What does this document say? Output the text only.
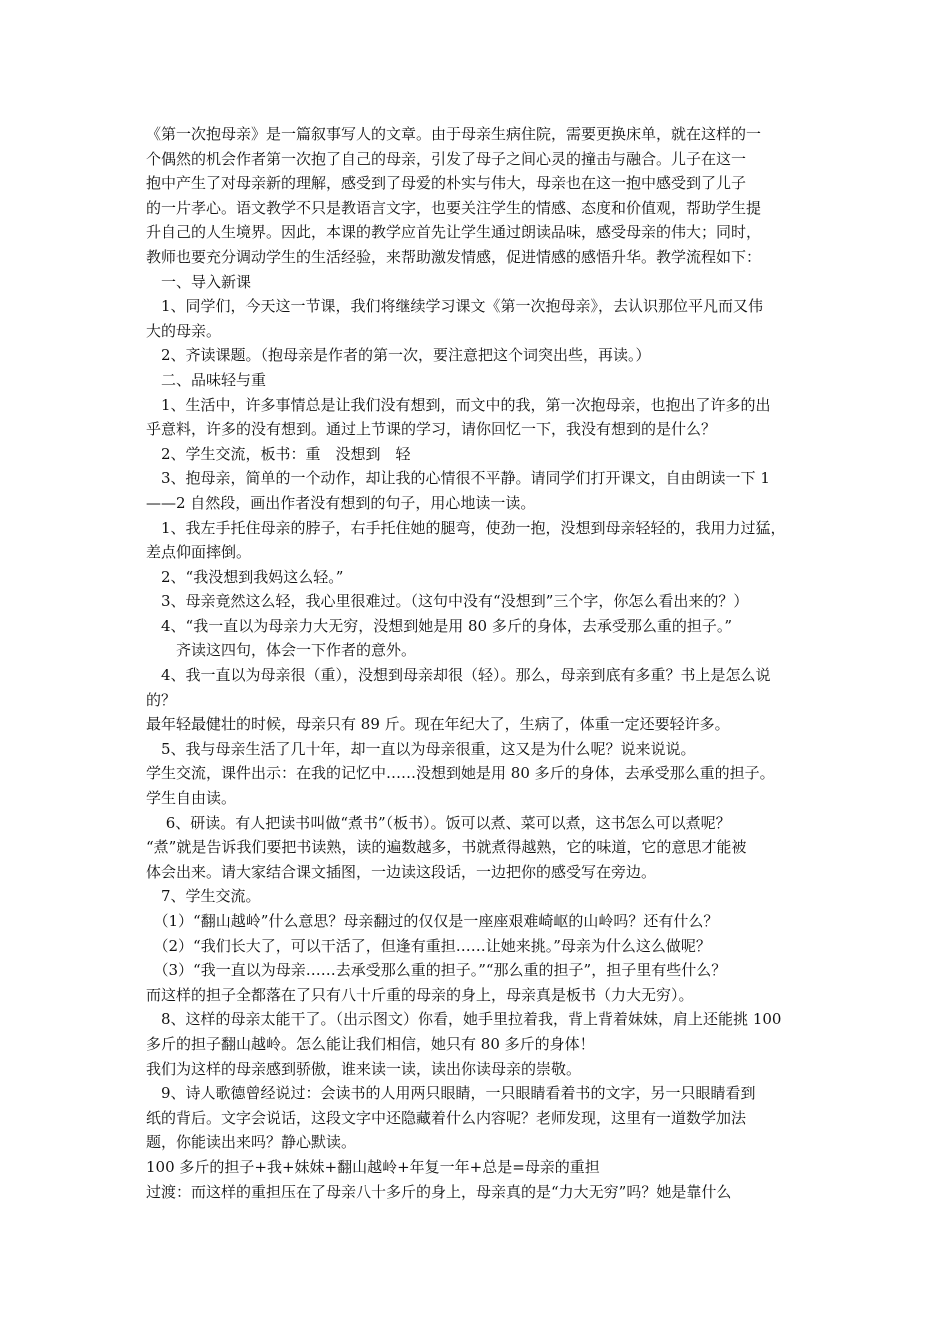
《第一次抱母亲》是一篇叙事写人的文章。由于母亲生病住院，需要更换床单，就在这样的一
个偶然的机会作者第一次抱了自己的母亲，引发了母子之间心灵的撞击与融合。儿子在这一
抱中产生了对母亲新的理解，感受到了母爱的朴实与伟大，母亲也在这一抱中感受到了儿子
的一片孝心。语文教学不只是教语言文字，也要关注学生的情感、态度和价值观，帮助学生提
升自己的人生境界。因此，本课的教学应首先让学生通过朗读品味，感受母亲的伟大；同时，
教师也要充分调动学生的生活经验，来帮助激发情感，促进情感的感悟升华。教学流程如下：
　一、导入新课
　1、同学们，今天这一节课，我们将继续学习课文《第一次抱母亲》，去认识那位平凡而又伟
大的母亲。
　2、齐读课题。（抱母亲是作者的第一次，要注意把这个词突出些，再读。）
　二、品味轻与重
　1、生活中，许多事情总是让我们没有想到，而文中的我，第一次抱母亲，也抱出了许多的出
乎意料，许多的没有想到。通过上节课的学习，请你回忆一下，我没有想到的是什么？
　2、学生交流，板书：重　没想到　轻
　3、抱母亲，简单的一个动作，却让我的心情很不平静。请同学们打开课文，自由朗读一下 1
——2 自然段，画出作者没有想到的句子，用心地读一读。
　1、我左手托住母亲的脖子，右手托住她的腿弯，使劲一抱，没想到母亲轻轻的，我用力过猛，
差点仰面摔倒。
　2、“我没想到我妈这么轻。”
　3、母亲竟然这么轻，我心里很难过。（这句中没有“没想到”三个字，你怎么看出来的？）
　4、“我一直以为母亲力大无穷，没想到她是用 80 多斤的身体，去承受那么重的担子。”
　　齐读这四句，体会一下作者的意外。
　4、我一直以为母亲很（重），没想到母亲却很（轻）。那么，母亲到底有多重？书上是怎么说
的？
最年轻最健壮的时候，母亲只有 89 斤。现在年纪大了，生病了，体重一定还要轻许多。
　5、我与母亲生活了几十年，却一直以为母亲很重，这又是为什么呢？说来说说。
学生交流，课件出示：在我的记忆中……没想到她是用 80 多斤的身体，去承受那么重的担子。
学生自由读。
　 6、研读。有人把读书叫做“煮书”（板书）。饭可以煮、菜可以煮，这书怎么可以煮呢？
“煮”就是告诉我们要把书读熟，读的遍数越多，书就煮得越熟，它的味道，它的意思才能被
体会出来。请大家结合课文插图，一边读这段话，一边把你的感受写在旁边。
　7、学生交流。
　（1）“翻山越岭”什么意思？母亲翻过的仅仅是一座座艰难崎岖的山岭吗？还有什么？
　（2）“我们长大了，可以干活了，但逢有重担……让她来挑。”母亲为什么这么做呢？
　（3）“我一直以为母亲……去承受那么重的担子。”“那么重的担子”，担子里有些什么？
而这样的担子全都落在了只有八十斤重的母亲的身上，母亲真是板书（力大无穷）。
　8、这样的母亲太能干了。（出示图文）你看，她手里拉着我，背上背着妹妹，肩上还能挑 100
多斤的担子翻山越岭。怎么能让我们相信，她只有 80 多斤的身体！
我们为这样的母亲感到骄傲，谁来读一读，读出你读母亲的崇敬。
　9、诗人歌德曾经说过：会读书的人用两只眼睛，一只眼睛看着书的文字，另一只眼睛看到
纸的背后。文字会说话，这段文字中还隐藏着什么内容呢？老师发现，这里有一道数学加法
题，你能读出来吗？静心默读。
100 多斤的担子+我+妹妹+翻山越岭+年复一年+总是=母亲的重担
过渡：而这样的重担压在了母亲八十多斤的身上，母亲真的是“力大无穷”吗？她是靠什么
